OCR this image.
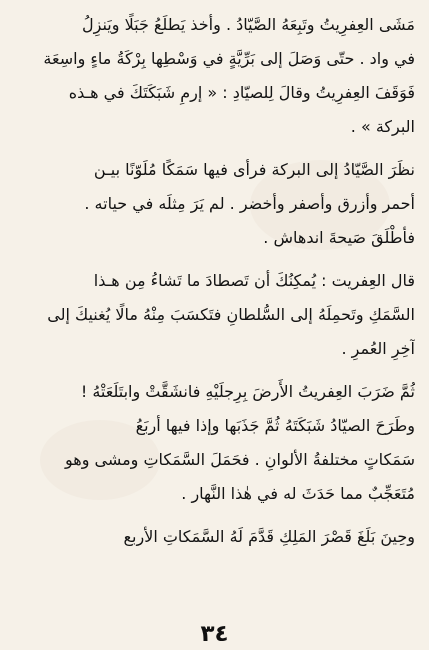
مَشَى العِفرِيتُ وتَبِعَهُ الصَّيّادُ . وأخذ يَطلَعُ جَبَلًا ويَنزِلُ
في واد . حتّى وَصَلَ إلى بَرِّيَّةٍ في وَسْطِها بِرْكَةُ ماءٍ واسِعَة
فَوَقَفَ العِفرِيتُ وقالَ لِلصيّادِ : « إرمِ شَبَكَتَكَ في هـذه
البركة » .
نظَرَ الصَّيّادُ إلى البركة فرأى فيها سَمَكًا مُلَوّنًا بيـن
أحمر وأزرق وأصفر وأخضر . لم يَرَ مِثلَه في حياته .
فأطْلَقَ صَيحةَ اندهاش .
قال العِفريت : يُمكِنُكَ أن تَصطادَ ما تَشاءُ مِن هـذا
السَّمَكِ وتَحمِلَهُ إلى السُّلطانِ فتَكسَبَ مِنْهُ مالًا يُغنيكَ إلى
آخِرِ العُمرِ .
ثُمَّ ضَرَبَ العِفريتُ الأَرضَ بِرِجلَيْهِ فانشَقَّتْ وابتَلَعَتْهُ !
وطَرَحَ الصيّادُ شَبَكَتَهُ ثُمَّ جَذَبَها وإذا فيها أربَعُ
سَمَكاتٍ مختلفةُ الألوانِ . فحَمَلَ السَّمَكاتِ ومشى وهو
مُتَعَجِّبٌ مما حَدَثَ له في هٰذا النَّهار .
وحِينَ بَلَغَ قَصْرَ المَلِكِ قَدَّمَ لَهُ السَّمَكاتِ الأربع
٣٤
